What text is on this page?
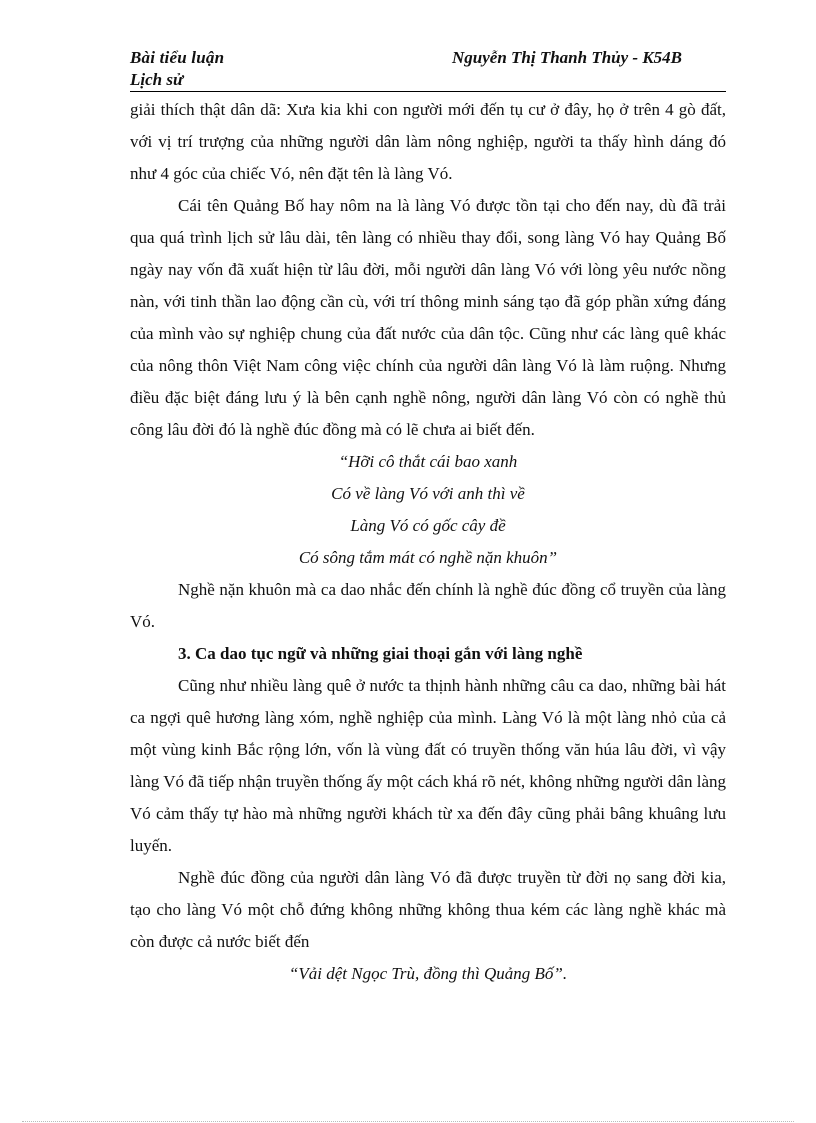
Bài tiểu luận
Lịch sử
Nguyễn Thị Thanh Thủy - K54B

giải thích thật dân dã: Xưa kia khi con người mới đến tụ cư ở đây, họ ở trên 4 gò đất, với vị trí trượng của những người dân làm nông nghiệp, người ta thấy hình dáng đó như 4 góc của chiếc Vó, nên đặt tên là làng Vó.

Cái tên Quảng Bố hay nôm na là làng Vó được tồn tại cho đến nay, dù đã trải qua quá trình lịch sử lâu dài, tên làng có nhiều thay đổi, song làng Vó hay Quảng Bố ngày nay vốn đã xuất hiện từ lâu đời, mỗi người dân làng Vó với lòng yêu nước nồng nàn, với tinh thần lao động cần cù, với trí thông minh sáng tạo đã góp phần xứng đáng của mình vào sự nghiệp chung của đất nước của dân tộc. Cũng như các làng quê khác của nông thôn Việt Nam công việc chính của người dân làng Vó là làm ruộng. Nhưng điều đặc biệt đáng lưu ý là bên cạnh nghề nông, người dân làng Vó còn có nghề thủ công lâu đời đó là nghề đúc đồng mà có lẽ chưa ai biết đến.

“Hỡi cô thắt cái bao xanh
Có về làng Vó với anh thì về
Làng Vó có gốc cây đề
Có sông tắm mát có nghề nặn khuôn”

Nghề nặn khuôn mà ca dao nhắc đến chính là nghề đúc đồng cổ truyền của làng Vó.

3. Ca dao tục ngữ và những giai thoại gắn với làng nghề

Cũng như nhiều làng quê ở nước ta thịnh hành những câu ca dao, những bài hát ca ngợi quê hương làng xóm, nghề nghiệp của mình. Làng Vó là một làng nhỏ của cả một vùng kinh Bắc rộng lớn, vốn là vùng đất có truyền thống văn húa lâu đời, vì vậy làng Vó đã tiếp nhận truyền thống ấy một cách khá rõ nét, không những người dân làng Vó cảm thấy tự hào mà những người khách từ xa đến đây cũng phải bâng khuâng lưu luyến.

Nghề đúc đồng của người dân làng Vó đã được truyền từ đời nọ sang đời kia, tạo cho làng Vó một chỗ đứng không những không thua kém các làng nghề khác mà còn được cả nước biết đến

“Vải dệt Ngọc Trù, đồng thì Quảng Bố”.
